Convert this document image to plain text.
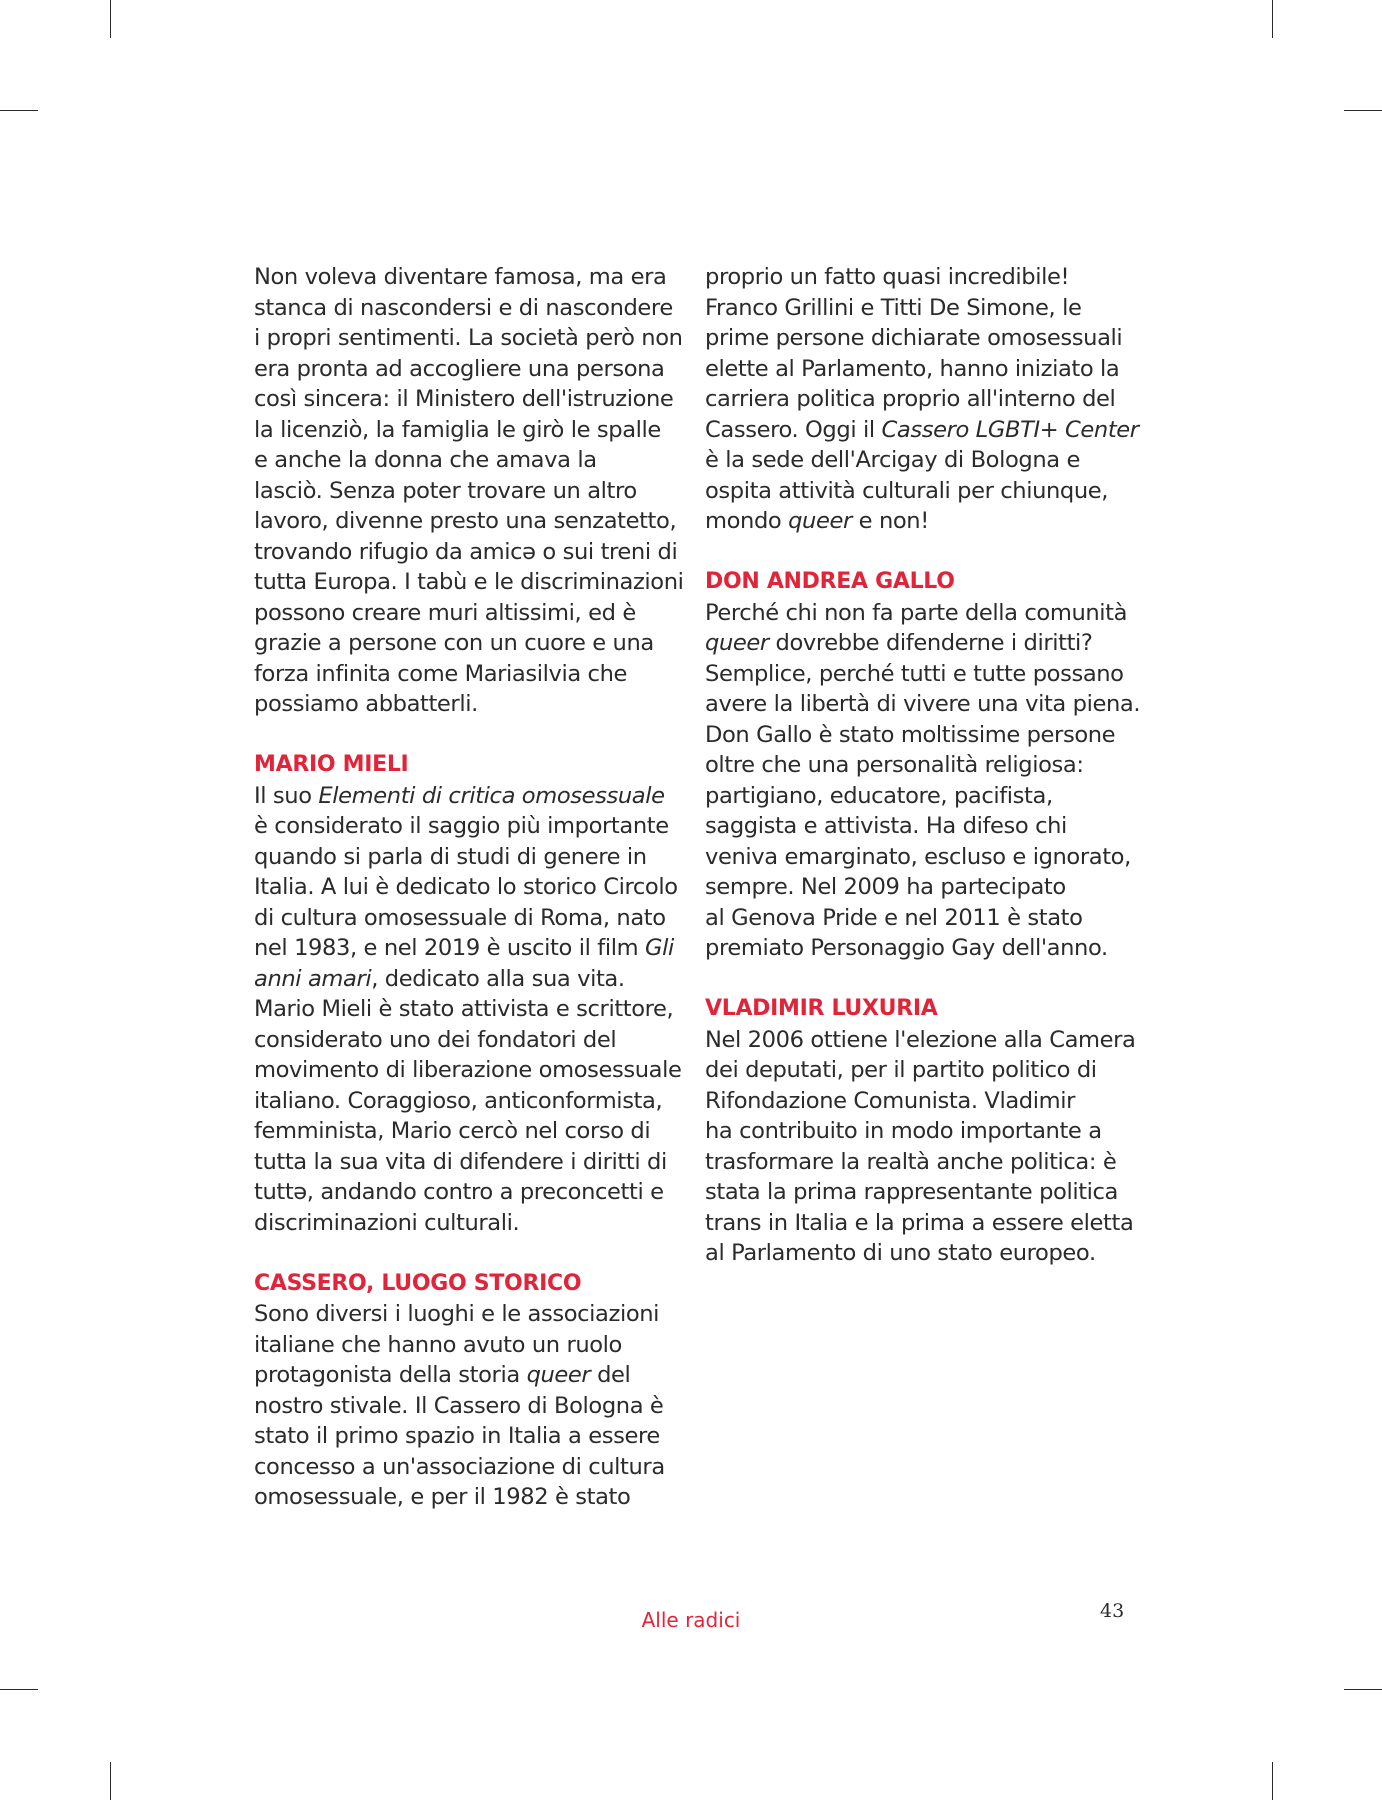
Non voleva diventare famosa, ma era

stanca di nascondersi e di nascondere

i propri sentimenti. La società però non

era pronta ad accogliere una persona

così sincera: il Ministero dell'istruzione

la licenziò, la famiglia le girò le spalle

e anche la donna che amava la

lasciò. Senza poter trovare un altro

lavoro, divenne presto una senzatetto,

trovando rifugio da amicə o sui treni di

tutta Europa. I tabù e le discriminazioni

possono creare muri altissimi, ed è

grazie a persone con un cuore e una

forza infinita come Mariasilvia che

possiamo abbatterli.

MARIO MIELI

Il suo Elementi di critica omosessuale

è considerato il saggio più importante

quando si parla di studi di genere in

Italia. A lui è dedicato lo storico Circolo

di cultura omosessuale di Roma, nato

nel 1983, e nel 2019 è uscito il film Gli

anni amari, dedicato alla sua vita.

Mario Mieli è stato attivista e scrittore,

considerato uno dei fondatori del

movimento di liberazione omosessuale

italiano. Coraggioso, anticonformista,

femminista, Mario cercò nel corso di

tutta la sua vita di difendere i diritti di

tuttə, andando contro a preconcetti e

discriminazioni culturali.

CASSERO, LUOGO STORICO

Sono diversi i luoghi e le associazioni

italiane che hanno avuto un ruolo

protagonista della storia queer del

nostro stivale. Il Cassero di Bologna è

stato il primo spazio in Italia a essere

concesso a un'associazione di cultura

omosessuale, e per il 1982 è stato

proprio un fatto quasi incredibile!

Franco Grillini e Titti De Simone, le

prime persone dichiarate omosessuali

elette al Parlamento, hanno iniziato la

carriera politica proprio all'interno del

Cassero. Oggi il Cassero LGBTI+ Center

è la sede dell'Arcigay di Bologna e

ospita attività culturali per chiunque,

mondo queer e non!

DON ANDREA GALLO

Perché chi non fa parte della comunità

queer dovrebbe difenderne i diritti?

Semplice, perché tutti e tutte possano

avere la libertà di vivere una vita piena.

Don Gallo è stato moltissime persone

oltre che una personalità religiosa:

partigiano, educatore, pacifista,

saggista e attivista. Ha difeso chi

veniva emarginato, escluso e ignorato,

sempre. Nel 2009 ha partecipato

al Genova Pride e nel 2011 è stato

premiato Personaggio Gay dell'anno.

VLADIMIR LUXURIA

Nel 2006 ottiene l'elezione alla Camera

dei deputati, per il partito politico di

Rifondazione Comunista. Vladimir

ha contribuito in modo importante a

trasformare la realtà anche politica: è

stata la prima rappresentante politica

trans in Italia e la prima a essere eletta

al Parlamento di uno stato europeo.

Alle radici	43
